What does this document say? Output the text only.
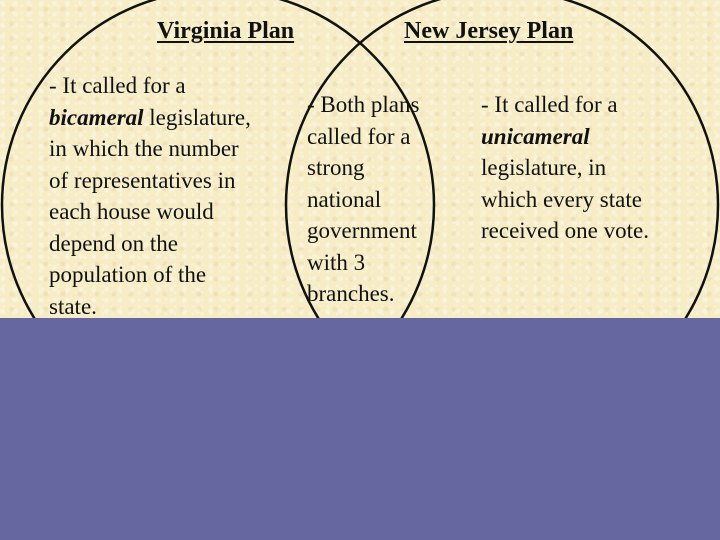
Virginia Plan	New Jersey Plan

- It called for a
bicameral legislature,
in which the number
of representatives in
each house would
depend on the
population of the
state.
- Both plans
called for a
strong
national
government
with 3
branches.
- It called for a
unicameral
legislature, in
which every state
received one vote.
